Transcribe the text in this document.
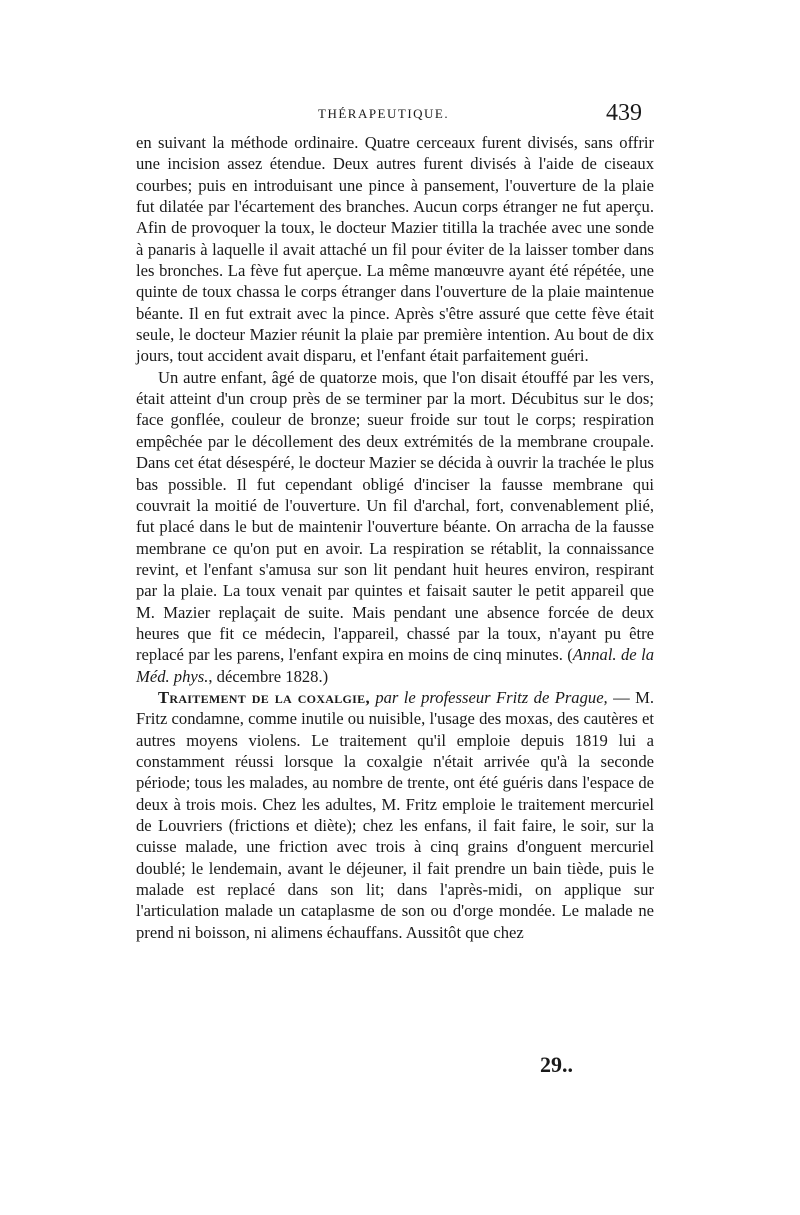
THÉRAPEUTIQUE.	439

en suivant la méthode ordinaire. Quatre cerceaux furent divisés, sans offrir une incision assez étendue. Deux autres furent divisés à l'aide de ciseaux courbes; puis en introduisant une pince à pansement, l'ouverture de la plaie fut dilatée par l'écartement des branches. Aucun corps étranger ne fut aperçu. Afin de provoquer la toux, le docteur Mazier titilla la trachée avec une sonde à panaris à laquelle il avait attaché un fil pour éviter de la laisser tomber dans les bronches. La fève fut aperçue. La même manœuvre ayant été répétée, une quinte de toux chassa le corps étranger dans l'ouverture de la plaie maintenue béante. Il en fut extrait avec la pince. Après s'être assuré que cette fève était seule, le docteur Mazier réunit la plaie par première intention. Au bout de dix jours, tout accident avait disparu, et l'enfant était parfaitement guéri.

Un autre enfant, âgé de quatorze mois, que l'on disait étouffé par les vers, était atteint d'un croup près de se terminer par la mort. Décubitus sur le dos; face gonflée, couleur de bronze; sueur froide sur tout le corps; respiration empêchée par le décollement des deux extrémités de la membrane croupale. Dans cet état désespéré, le docteur Mazier se décida à ouvrir la trachée le plus bas possible. Il fut cependant obligé d'inciser la fausse membrane qui couvrait la moitié de l'ouverture. Un fil d'archal, fort, convenablement plié, fut placé dans le but de maintenir l'ouverture béante. On arracha de la fausse membrane ce qu'on put en avoir. La respiration se rétablit, la connaissance revint, et l'enfant s'amusa sur son lit pendant huit heures environ, respirant par la plaie. La toux venait par quintes et faisait sauter le petit appareil que M. Mazier replaçait de suite. Mais pendant une absence forcée de deux heures que fit ce médecin, l'appareil, chassé par la toux, n'ayant pu être replacé par les parens, l'enfant expira en moins de cinq minutes. (Annal. de la Méd. phys., décembre 1828.)

Traitement de la coxalgie, par le professeur Fritz de Prague, — M. Fritz condamne, comme inutile ou nuisible, l'usage des moxas, des cautères et autres moyens violens. Le traitement qu'il emploie depuis 1819 lui a constamment réussi lorsque la coxalgie n'était arrivée qu'à la seconde période; tous les malades, au nombre de trente, ont été guéris dans l'espace de deux à trois mois. Chez les adultes, M. Fritz emploie le traitement mercuriel de Louvriers (frictions et diète); chez les enfans, il fait faire, le soir, sur la cuisse malade, une friction avec trois à cinq grains d'onguent mercuriel doublé; le lendemain, avant le déjeuner, il fait prendre un bain tiède, puis le malade est replacé dans son lit; dans l'après-midi, on applique sur l'articulation malade un cataplasme de son ou d'orge mondée. Le malade ne prend ni boisson, ni alimens échauffans. Aussitôt que chez

29..
